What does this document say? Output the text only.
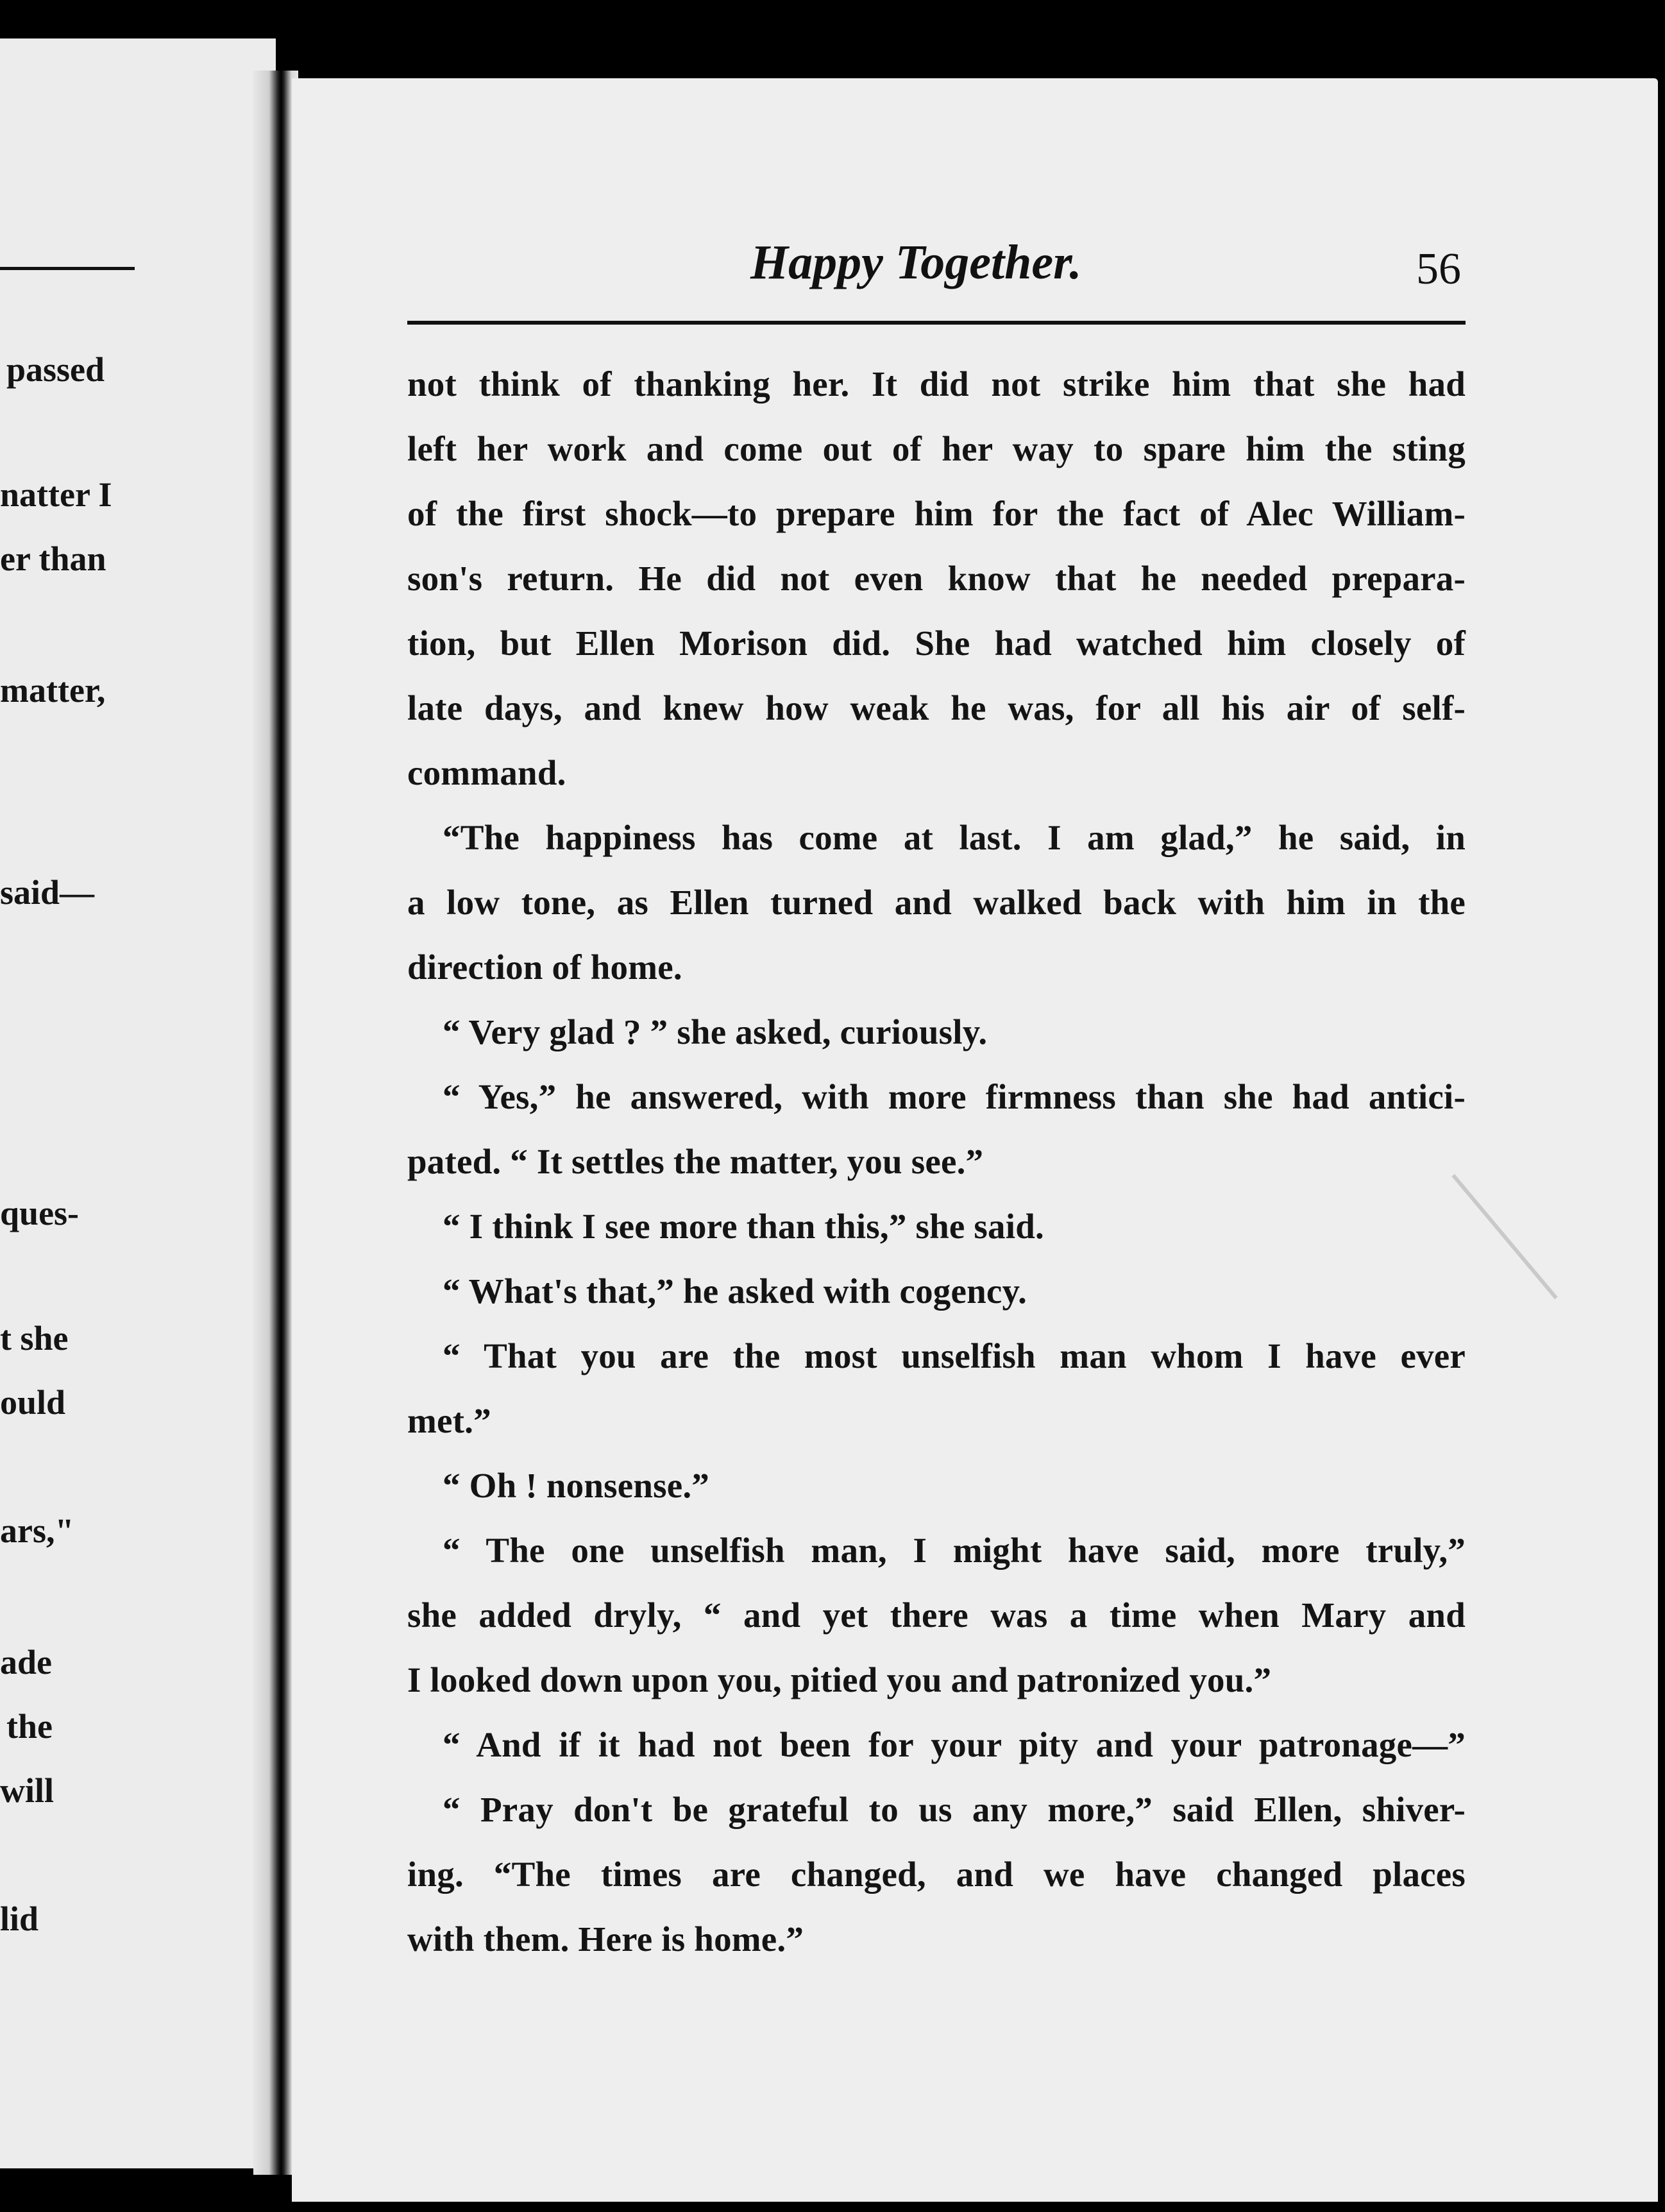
passed
natter I
er than
matter,
said—
ques-
t she
ould
ars,"
ade
the
will
lid
Happy Together.	56
not think of thanking her. It did not strike him that she had
left her work and come out of her way to spare him the sting
of the first shock—to prepare him for the fact of Alec William-
son's return. He did not even know that he needed prepara-
tion, but Ellen Morison did. She had watched him closely of
late days, and knew how weak he was, for all his air of self-
command.
“The happiness has come at last. I am glad,” he said, in
a low tone, as Ellen turned and walked back with him in the
direction of home.
“ Very glad ? ” she asked, curiously.
“ Yes,” he answered, with more firmness than she had antici-
pated. “ It settles the matter, you see.”
“ I think I see more than this,” she said.
“ What's that,” he asked with cogency.
“ That you are the most unselfish man whom I have ever
met.”
“ Oh ! nonsense.”
“ The one unselfish man, I might have said, more truly,”
she added dryly, “ and yet there was a time when Mary and
I looked down upon you, pitied you and patronized you.”
“ And if it had not been for your pity and your patronage—”
“ Pray don't be grateful to us any more,” said Ellen, shiver-
ing. “The times are changed, and we have changed places
with them. Here is home.”
